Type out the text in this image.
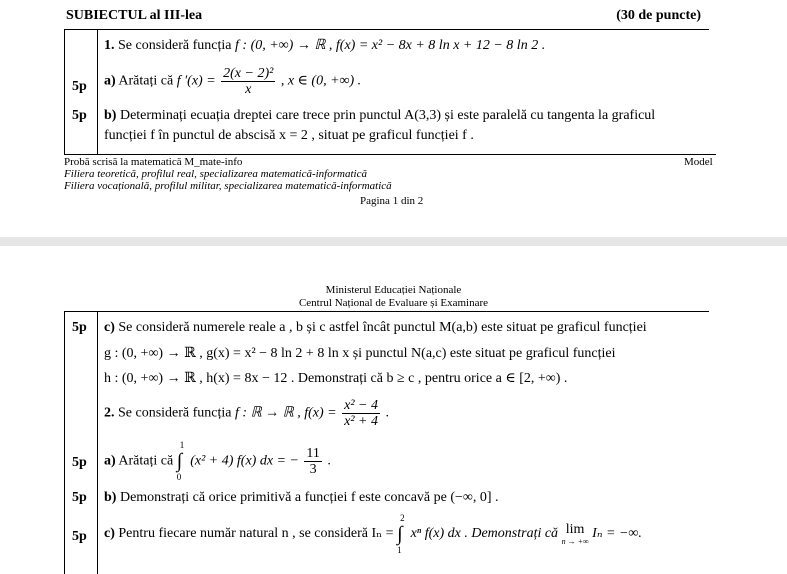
SUBIECTUL al III-lea	(30 de puncte)
1. Se consideră funcția f : (0, +∞) → ℝ , f(x) = x² − 8x + 8 ln x + 12 − 8 ln 2 .
5p a) Arătați că f $'(x) = \frac{\text{2(x − 2)²}}{x}$ , x ∈ (0, +∞) .
5p b) Determinați ecuația dreptei care trece prin punctul A(3,3) și este paralelă cu tangenta la graficul
funcției f în punctul de abscisă x = 2 , situat pe graficul funcției f .
Probă scrisă la matematică M_mate-info	Model
Filiera teoretică, profilul real, specializarea matematică-informatică
Filiera vocațională, profilul militar, specializarea matematică-informatică
Pagina 1 din 2
Ministerul Educației Naționale
Centrul Național de Evaluare și Examinare
5p c) Se consideră numerele reale a , b și c astfel încât punctul M(a,b) este situat pe graficul funcției
g : (0, +∞) → ℝ , g(x) = x² − 8 ln 2 + 8 ln x și punctul N(a,c) este situat pe graficul funcției
h : (0, +∞) → ℝ , h(x) = 8x − 12 . Demonstrați că b ≥ c , pentru orice a ∈ [2, +∞) .
2. Se consideră funcția f : ℝ → ℝ , $f(x) = \frac{\text{x² − 4}}{\text{x² + 4}}$ .
5p a) Arătați că ∫
1
0
(x² + 4) f(x) dx = − $\frac{11}{3}$ .
5p b) Demonstrați că orice primitivă a funcției f este concavă pe (−∞, 0] .
5p c) Pentru fiecare număr natural n , se consideră Iₙ = ∫
2
1
xⁿ f(x) dx . Demonstrați că lim
n → +∞
Iₙ = −∞.
